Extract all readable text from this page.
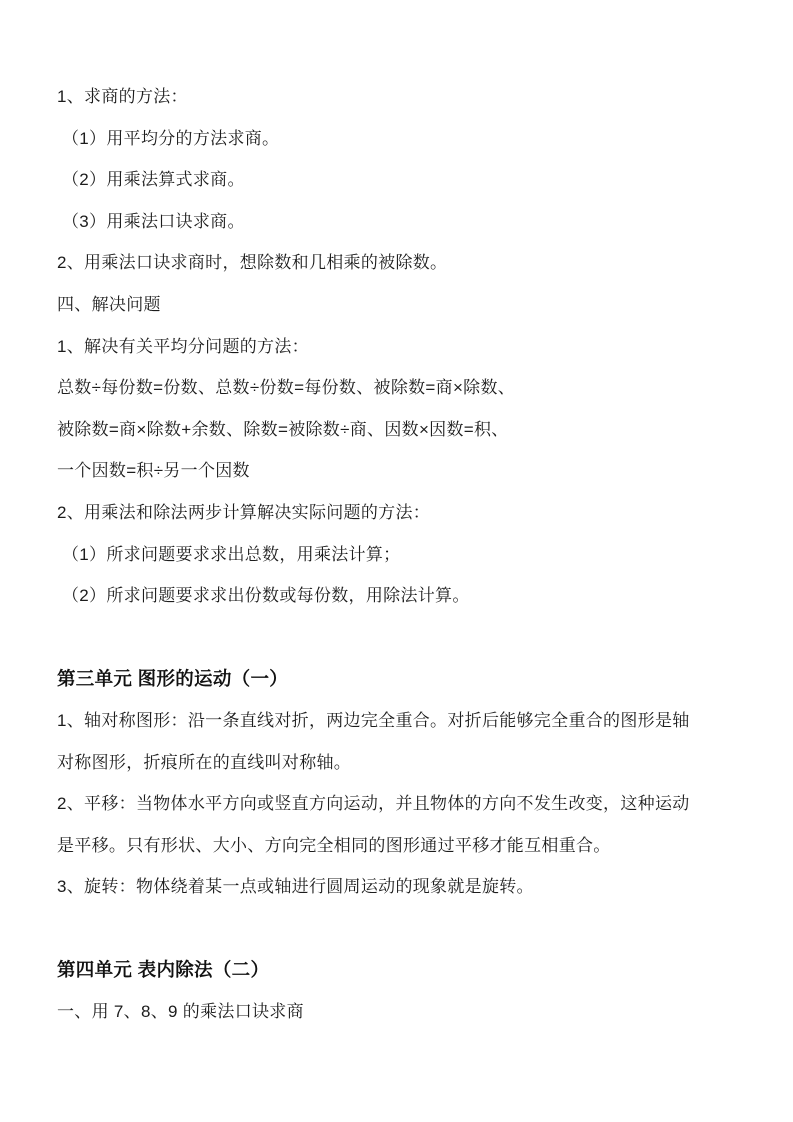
1、求商的方法：
（1）用平均分的方法求商。
（2）用乘法算式求商。
（3）用乘法口诀求商。
2、用乘法口诀求商时，想除数和几相乘的被除数。
四、解决问题
1、解决有关平均分问题的方法：
总数÷每份数=份数、总数÷份数=每份数、被除数=商×除数、
被除数=商×除数+余数、除数=被除数÷商、因数×因数=积、
一个因数=积÷另一个因数
2、用乘法和除法两步计算解决实际问题的方法：
（1）所求问题要求求出总数，用乘法计算；
（2）所求问题要求求出份数或每份数，用除法计算。
第三单元 图形的运动（一）
1、轴对称图形：沿一条直线对折，两边完全重合。对折后能够完全重合的图形是轴
对称图形，折痕所在的直线叫对称轴。
2、平移：当物体水平方向或竖直方向运动，并且物体的方向不发生改变，这种运动
是平移。只有形状、大小、方向完全相同的图形通过平移才能互相重合。
3、旋转：物体绕着某一点或轴进行圆周运动的现象就是旋转。
第四单元 表内除法（二）
一、用 7、8、9 的乘法口诀求商
